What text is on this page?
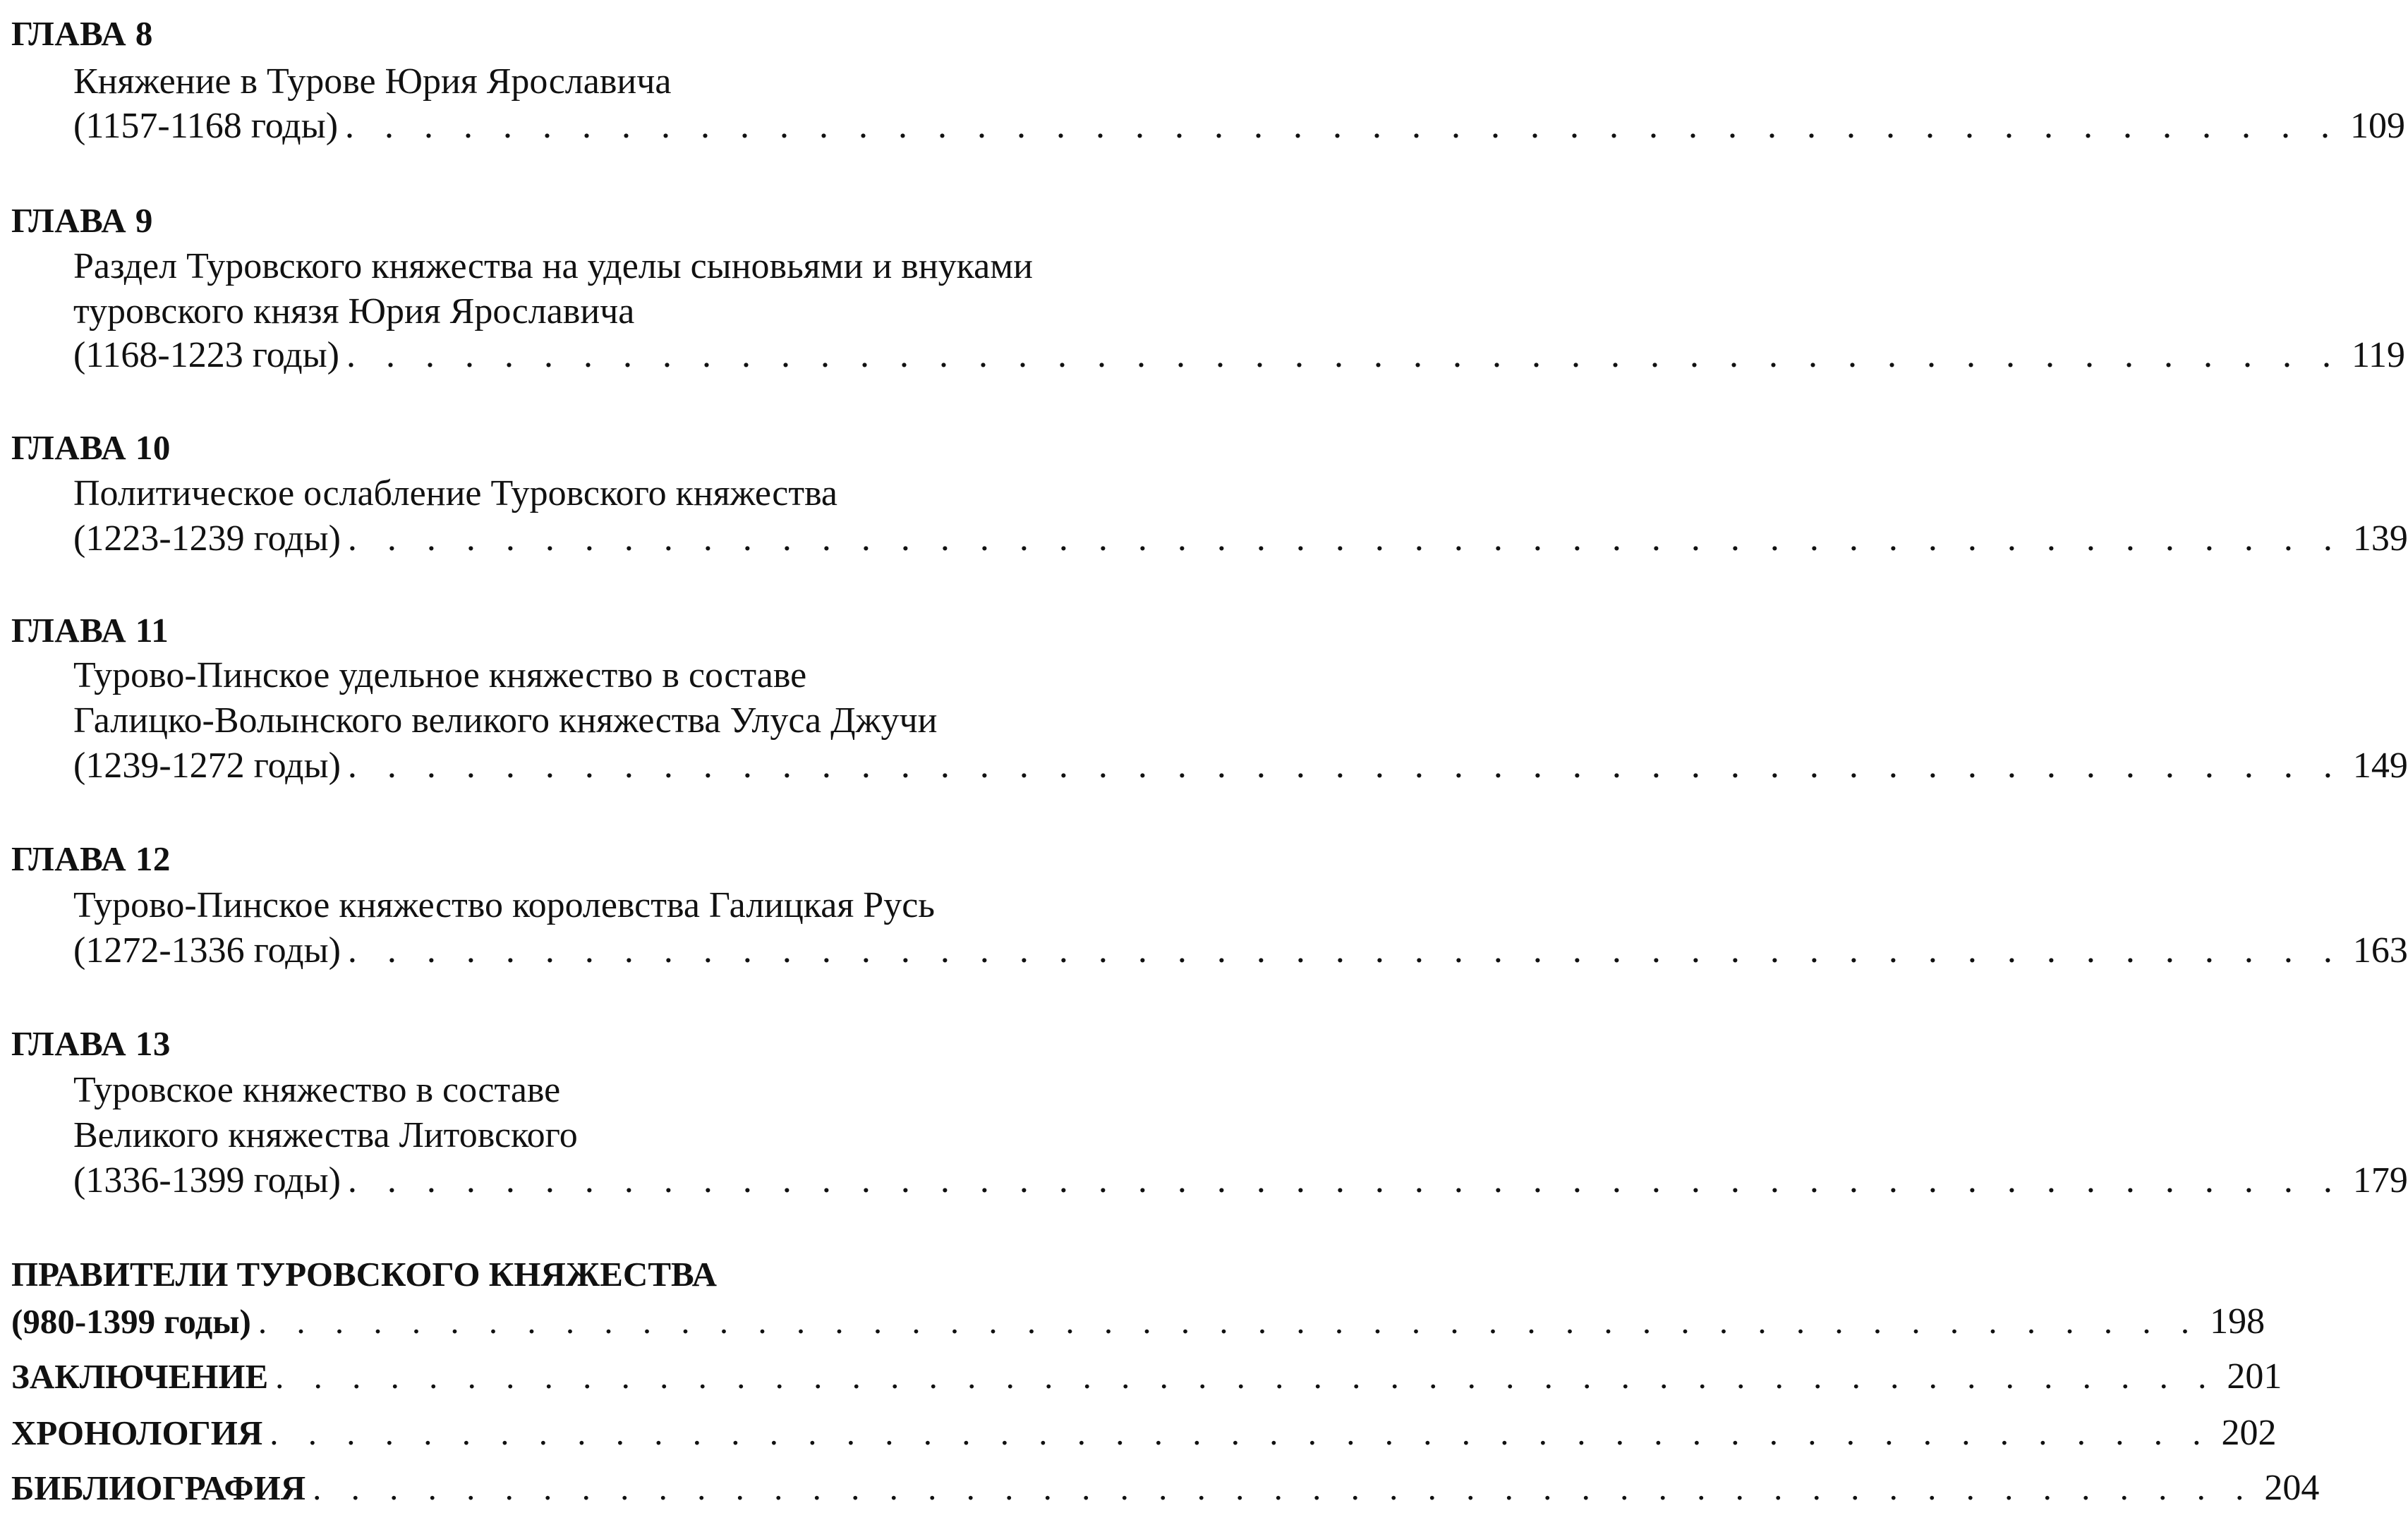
ГЛАВА 8
Княжение в Турове Юрия Ярославича
(1157-1168 годы) . . . . . . . . . . . . . . . . . . . . . . . . . . . . . . . . . . . . . . . . . . . . . . . . . . . 109
ГЛАВА 9
Раздел Туровского княжества на уделы сыновьями и внуками
туровского князя Юрия Ярославича
(1168-1223 годы) . . . . . . . . . . . . . . . . . . . . . . . . . . . . . . . . . . . . . . . . . . . . . . . . . . . 119
ГЛАВА 10
Политическое ослабление Туровского княжества
(1223-1239 годы) . . . . . . . . . . . . . . . . . . . . . . . . . . . . . . . . . . . . . . . . . . . . . . . . . . . 139
ГЛАВА 11
Турово-Пинское удельное княжество в составе
Галицко-Волынского великого княжества Улуса Джучи
(1239-1272 годы) . . . . . . . . . . . . . . . . . . . . . . . . . . . . . . . . . . . . . . . . . . . . . . . . . . . 149
ГЛАВА 12
Турово-Пинское княжество королевства Галицкая Русь
(1272-1336 годы) . . . . . . . . . . . . . . . . . . . . . . . . . . . . . . . . . . . . . . . . . . . . . . . . . . . 163
ГЛАВА 13
Туровское княжество в составе
Великого княжества Литовского
(1336-1399 годы) . . . . . . . . . . . . . . . . . . . . . . . . . . . . . . . . . . . . . . . . . . . . . . . . . . . 179
ПРАВИТЕЛИ ТУРОВСКОГО КНЯЖЕСТВА
(980-1399 годы) . . . . . . . . . . . . . . . . . . . . . . . . . . . . . . . . . . . . . . . . . . . . . . . . . . . 198
ЗАКЛЮЧЕНИЕ . . . . . . . . . . . . . . . . . . . . . . . . . . . . . . . . . . . . . . . . . . . . . . . . . . . 201
ХРОНОЛОГИЯ . . . . . . . . . . . . . . . . . . . . . . . . . . . . . . . . . . . . . . . . . . . . . . . . . . . 202
БИБЛИОГРАФИЯ . . . . . . . . . . . . . . . . . . . . . . . . . . . . . . . . . . . . . . . . . . . . . . . . . . . 204
